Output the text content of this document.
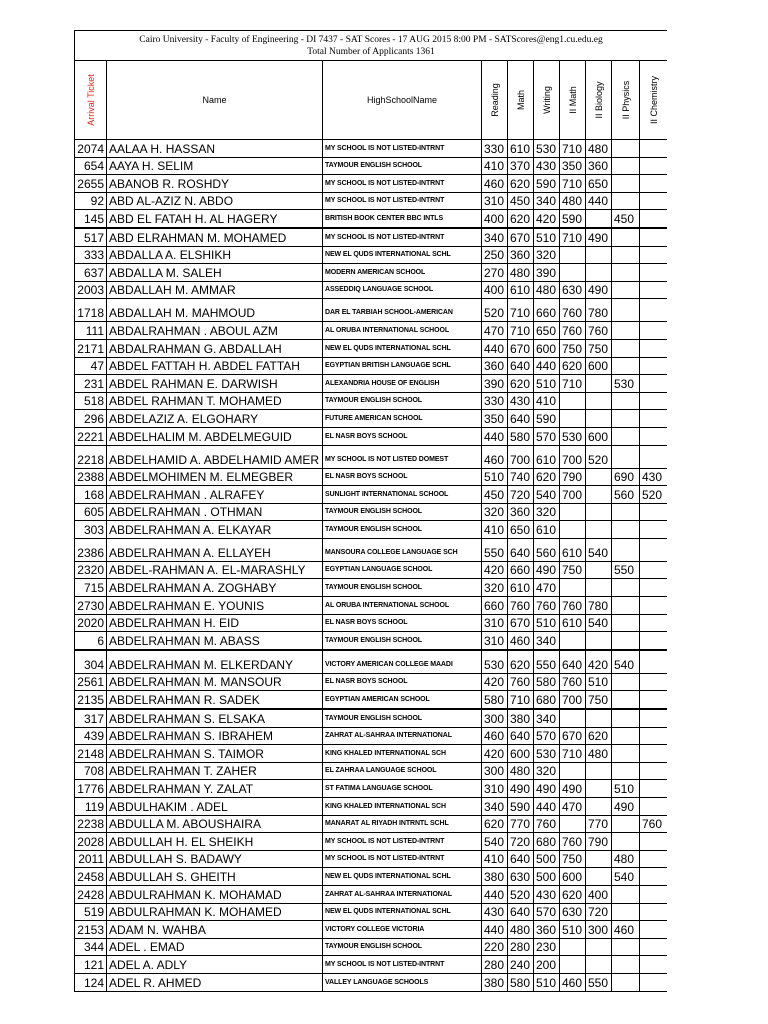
Cairo University - Faculty of Engineering - DI 7437 - SAT Scores - 17 AUG 2015 8:00 PM - SATScores@eng1.cu.edu.eg
Total Number of Applicants 1361									

Arrival Ticket	Name	HighSchoolName	Reading	Math	Writing	II Math	II Biology	II Physics	II Chemistry

2074	AALAA H. HASSAN	MY SCHOOL IS NOT LISTED-INTRNT	330	610	530	710	480		
654	AAYA H. SELIM	TAYMOUR ENGLISH SCHOOL	410	370	430	350	360		
2655	ABANOB R. ROSHDY	MY SCHOOL IS NOT LISTED-INTRNT	460	620	590	710	650		
92	ABD AL-AZIZ N. ABDO	MY SCHOOL IS NOT LISTED-INTRNT	310	450	340	480	440		
145	ABD EL FATAH H. AL HAGERY	BRITISH BOOK CENTER BBC INTLS	400	620	420	590		450	
517	ABD ELRAHMAN M. MOHAMED	MY SCHOOL IS NOT LISTED-INTRNT	340	670	510	710	490		
333	ABDALLA A. ELSHIKH	NEW EL QUDS INTERNATIONAL SCHL	250	360	320				
637	ABDALLA M. SALEH	MODERN AMERICAN SCHOOL	270	480	390				
2003	ABDALLAH M. AMMAR	ASSEDDIQ LANGUAGE SCHOOL	400	610	480	630	490		
1718	ABDALLAH M. MAHMOUD	DAR EL TARBIAH SCHOOL-AMERICAN	520	710	660	760	780		
111	ABDALRAHMAN . ABOUL AZM	AL ORUBA INTERNATIONAL SCHOOL	470	710	650	760	760		
2171	ABDALRAHMAN G. ABDALLAH	NEW EL QUDS INTERNATIONAL SCHL	440	670	600	750	750		
47	ABDEL FATTAH H. ABDEL FATTAH	EGYPTIAN BRITISH LANGUAGE SCHL	360	640	440	620	600		
231	ABDEL RAHMAN E. DARWISH	ALEXANDRIA HOUSE OF ENGLISH	390	620	510	710		530	
518	ABDEL RAHMAN T. MOHAMED	TAYMOUR ENGLISH SCHOOL	330	430	410				
296	ABDELAZIZ A. ELGOHARY	FUTURE AMERICAN SCHOOL	350	640	590				
2221	ABDELHALIM M. ABDELMEGUID	EL NASR BOYS SCHOOL	440	580	570	530	600		
2218	ABDELHAMID A. ABDELHAMID AMER	MY SCHOOL IS NOT LISTED DOMEST	460	700	610	700	520		
2388	ABDELMOHIMEN M. ELMEGBER	EL NASR BOYS SCHOOL	510	740	620	790		690	430
168	ABDELRAHMAN . ALRAFEY	SUNLIGHT INTERNATIONAL SCHOOL	450	720	540	700		560	520
605	ABDELRAHMAN . OTHMAN	TAYMOUR ENGLISH SCHOOL	320	360	320				
303	ABDELRAHMAN A. ELKAYAR	TAYMOUR ENGLISH SCHOOL	410	650	610				
2386	ABDELRAHMAN A. ELLAYEH	MANSOURA COLLEGE LANGUAGE SCH	550	640	560	610	540		
2320	ABDEL-RAHMAN A. EL-MARASHLY	EGYPTIAN LANGUAGE SCHOOL	420	660	490	750		550	
715	ABDELRAHMAN A. ZOGHABY	TAYMOUR ENGLISH SCHOOL	320	610	470				
2730	ABDELRAHMAN E. YOUNIS	AL ORUBA INTERNATIONAL SCHOOL	660	760	760	760	780		
2020	ABDELRAHMAN H. EID	EL NASR BOYS SCHOOL	310	670	510	610	540		
6	ABDELRAHMAN M. ABASS	TAYMOUR ENGLISH SCHOOL	310	460	340				
304	ABDELRAHMAN M. ELKERDANY	VICTORY AMERICAN COLLEGE MAADI	530	620	550	640	420	540	
2561	ABDELRAHMAN M. MANSOUR	EL NASR BOYS SCHOOL	420	760	580	760	510		
2135	ABDELRAHMAN R. SADEK	EGYPTIAN AMERICAN SCHOOL	580	710	680	700	750		
317	ABDELRAHMAN S. ELSAKA	TAYMOUR ENGLISH SCHOOL	300	380	340				
439	ABDELRAHMAN S. IBRAHEM	ZAHRAT AL-SAHRAA INTERNATIONAL	460	640	570	670	620		
2148	ABDELRAHMAN S. TAIMOR	KING KHALED INTERNATIONAL SCH	420	600	530	710	480		
708	ABDELRAHMAN T. ZAHER	EL ZAHRAA LANGUAGE SCHOOL	300	480	320				
1776	ABDELRAHMAN Y. ZALAT	ST FATIMA LANGUAGE SCHOOL	310	490	490	490		510	
119	ABDULHAKIM . ADEL	KING KHALED INTERNATIONAL SCH	340	590	440	470		490	
2238	ABDULLA M. ABOUSHAIRA	MANARAT AL RIYADH INTRNTL SCHL	620	770	760		770		760
2028	ABDULLAH H. EL SHEIKH	MY SCHOOL IS NOT LISTED-INTRNT	540	720	680	760	790		
2011	ABDULLAH S. BADAWY	MY SCHOOL IS NOT LISTED-INTRNT	410	640	500	750		480	
2458	ABDULLAH S. GHEITH	NEW EL QUDS INTERNATIONAL SCHL	380	630	500	600		540	
2428	ABDULRAHMAN K. MOHAMAD	ZAHRAT AL-SAHRAA INTERNATIONAL	440	520	430	620	400		
519	ABDULRAHMAN K. MOHAMED	NEW EL QUDS INTERNATIONAL SCHL	430	640	570	630	720		
2153	ADAM N. WAHBA	VICTORY COLLEGE VICTORIA	440	480	360	510	300	460	
344	ADEL . EMAD	TAYMOUR ENGLISH SCHOOL	220	280	230				
121	ADEL A. ADLY	MY SCHOOL IS NOT LISTED-INTRNT	280	240	200				
124	ADEL R. AHMED	VALLEY LANGUAGE SCHOOLS	380	580	510	460	550		
